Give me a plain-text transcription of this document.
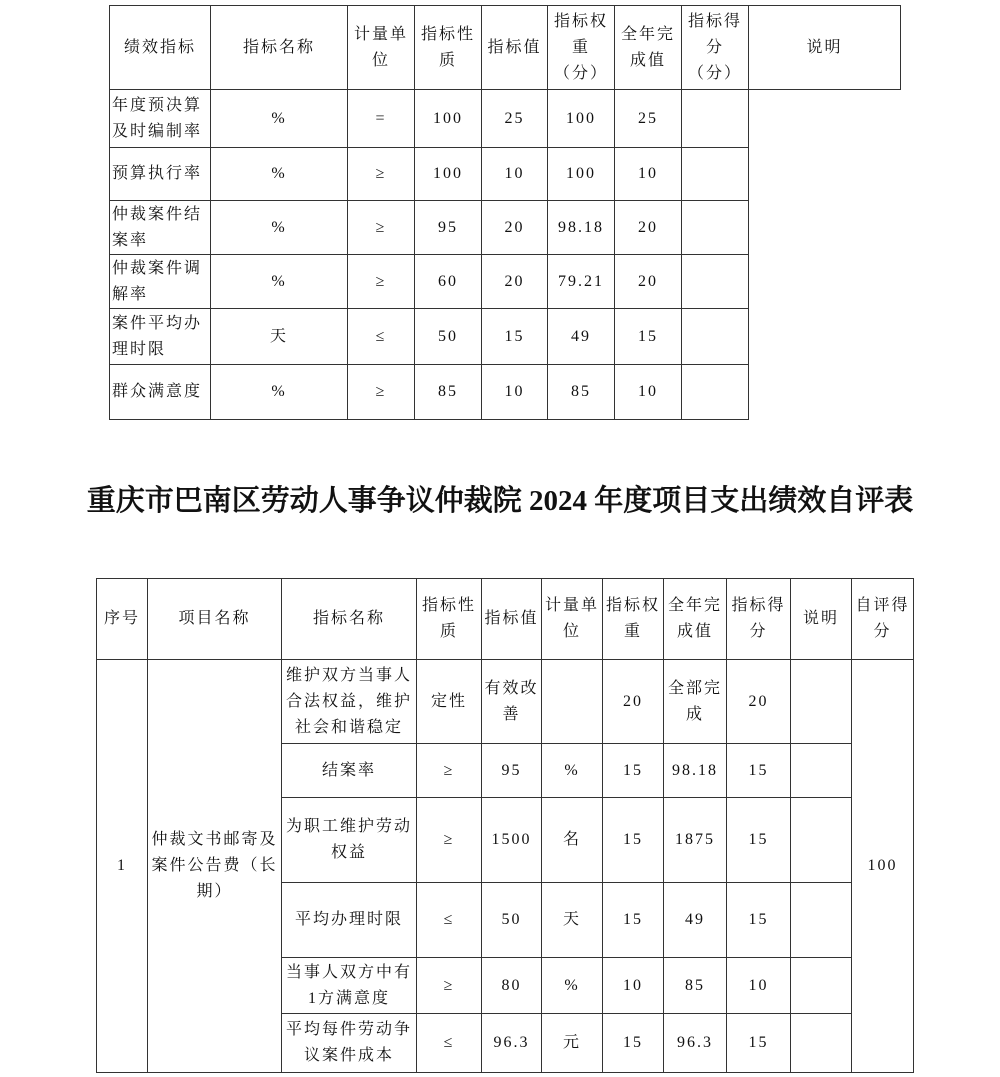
绩效指标	指标名称	计量单位	指标性质	指标值	指标权重（分）	全年完成值	指标得分（分）	说明
年度预决算及时编制率	%	=	100	25	100	25		
预算执行率	%	≥	100	10	100	10		
仲裁案件结案率	%	≥	95	20	98.18	20		
仲裁案件调解率	%	≥	60	20	79.21	20		
案件平均办理时限	天	≤	50	15	49	15		
群众满意度	%	≥	85	10	85	10		
重庆市巴南区劳动人事争议仲裁院 2024 年度项目支出绩效自评表
序号	项目名称	指标名称	指标性质	指标值	计量单位	指标权重	全年完成值	指标得分	说明	自评得分
1	仲裁文书邮寄及案件公告费（长期）	维护双方当事人合法权益，维护社会和谐稳定	定性	有效改善		20	全部完成	20		100
		结案率	≥	95	%	15	98.18	15		
		为职工维护劳动权益	≥	1500	名	15	1875	15		
		平均办理时限	≤	50	天	15	49	15		
		当事人双方中有1方满意度	≥	80	%	10	85	10		
		平均每件劳动争议案件成本	≤	96.3	元	15	96.3	15		
